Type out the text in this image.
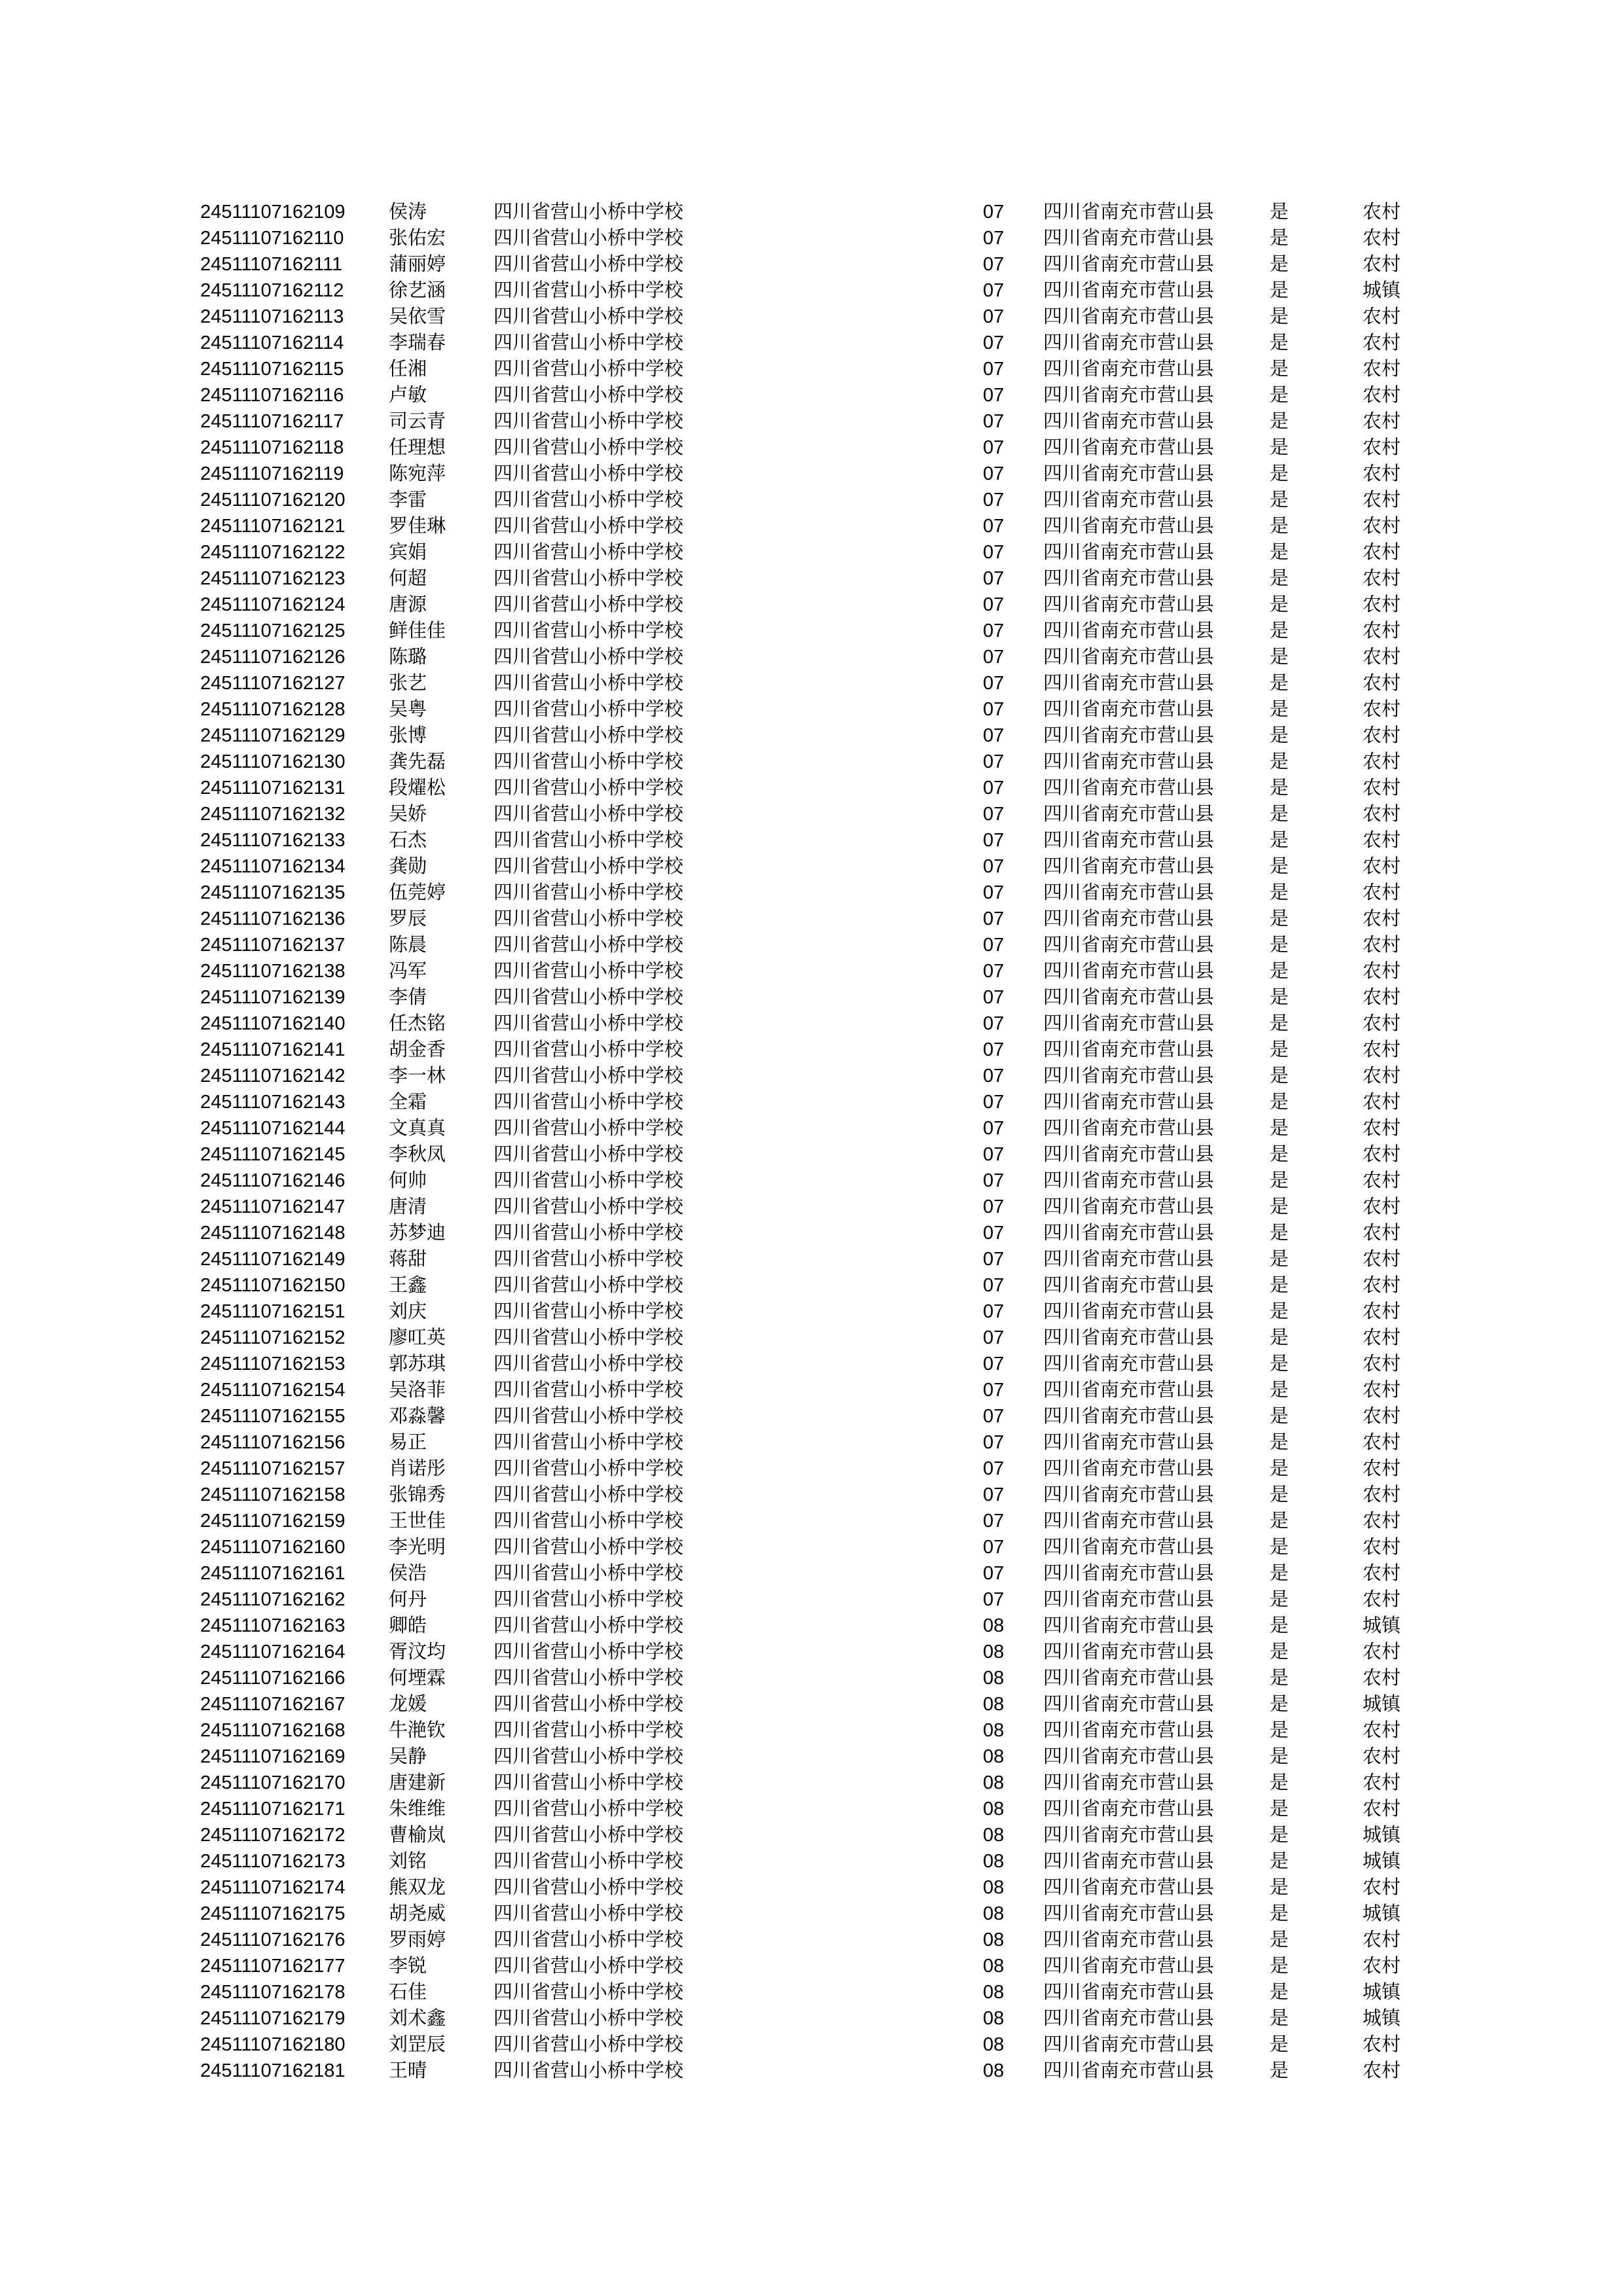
24511107162109 侯涛	四川省营山小桥中学校	07 四川省南充市营山县	是	农村
24511107162110 张佑宏	四川省营山小桥中学校	07 四川省南充市营山县	是	农村
24511107162111 蒲丽婷	四川省营山小桥中学校	07 四川省南充市营山县	是	农村
24511107162112 徐艺涵	四川省营山小桥中学校	07 四川省南充市营山县	是	城镇
24511107162113 吴依雪	四川省营山小桥中学校	07 四川省南充市营山县	是	农村
24511107162114 李瑞春	四川省营山小桥中学校	07 四川省南充市营山县	是	农村
24511107162115 任湘	四川省营山小桥中学校	07 四川省南充市营山县	是	农村
24511107162116 卢敏	四川省营山小桥中学校	07 四川省南充市营山县	是	农村
24511107162117 司云青	四川省营山小桥中学校	07 四川省南充市营山县	是	农村
24511107162118 任理想	四川省营山小桥中学校	07 四川省南充市营山县	是	农村
24511107162119 陈宛萍	四川省营山小桥中学校	07 四川省南充市营山县	是	农村
24511107162120 李雷	四川省营山小桥中学校	07 四川省南充市营山县	是	农村
24511107162121 罗佳琳	四川省营山小桥中学校	07 四川省南充市营山县	是	农村
24511107162122 宾娟	四川省营山小桥中学校	07 四川省南充市营山县	是	农村
24511107162123 何超	四川省营山小桥中学校	07 四川省南充市营山县	是	农村
24511107162124 唐源	四川省营山小桥中学校	07 四川省南充市营山县	是	农村
24511107162125 鲜佳佳	四川省营山小桥中学校	07 四川省南充市营山县	是	农村
24511107162126 陈璐	四川省营山小桥中学校	07 四川省南充市营山县	是	农村
24511107162127 张艺	四川省营山小桥中学校	07 四川省南充市营山县	是	农村
24511107162128 吴粤	四川省营山小桥中学校	07 四川省南充市营山县	是	农村
24511107162129 张博	四川省营山小桥中学校	07 四川省南充市营山县	是	农村
24511107162130 龚先磊	四川省营山小桥中学校	07 四川省南充市营山县	是	农村
24511107162131 段燿松	四川省营山小桥中学校	07 四川省南充市营山县	是	农村
24511107162132 吴娇	四川省营山小桥中学校	07 四川省南充市营山县	是	农村
24511107162133 石杰	四川省营山小桥中学校	07 四川省南充市营山县	是	农村
24511107162134 龚勋	四川省营山小桥中学校	07 四川省南充市营山县	是	农村
24511107162135 伍莞婷	四川省营山小桥中学校	07 四川省南充市营山县	是	农村
24511107162136 罗辰	四川省营山小桥中学校	07 四川省南充市营山县	是	农村
24511107162137 陈晨	四川省营山小桥中学校	07 四川省南充市营山县	是	农村
24511107162138 冯军	四川省营山小桥中学校	07 四川省南充市营山县	是	农村
24511107162139 李倩	四川省营山小桥中学校	07 四川省南充市营山县	是	农村
24511107162140 任杰铭	四川省营山小桥中学校	07 四川省南充市营山县	是	农村
24511107162141 胡金香	四川省营山小桥中学校	07 四川省南充市营山县	是	农村
24511107162142 李一林	四川省营山小桥中学校	07 四川省南充市营山县	是	农村
24511107162143 全霜	四川省营山小桥中学校	07 四川省南充市营山县	是	农村
24511107162144 文真真	四川省营山小桥中学校	07 四川省南充市营山县	是	农村
24511107162145 李秋凤	四川省营山小桥中学校	07 四川省南充市营山县	是	农村
24511107162146 何帅	四川省营山小桥中学校	07 四川省南充市营山县	是	农村
24511107162147 唐清	四川省营山小桥中学校	07 四川省南充市营山县	是	农村
24511107162148 苏梦迪	四川省营山小桥中学校	07 四川省南充市营山县	是	农村
24511107162149 蒋甜	四川省营山小桥中学校	07 四川省南充市营山县	是	农村
24511107162150 王鑫	四川省营山小桥中学校	07 四川省南充市营山县	是	农村
24511107162151 刘庆	四川省营山小桥中学校	07 四川省南充市营山县	是	农村
24511107162152 廖叿英	四川省营山小桥中学校	07 四川省南充市营山县	是	农村
24511107162153 郭苏琪	四川省营山小桥中学校	07 四川省南充市营山县	是	农村
24511107162154 吴洛菲	四川省营山小桥中学校	07 四川省南充市营山县	是	农村
24511107162155 邓淼馨	四川省营山小桥中学校	07 四川省南充市营山县	是	农村
24511107162156 易正	四川省营山小桥中学校	07 四川省南充市营山县	是	农村
24511107162157 肖诺彤	四川省营山小桥中学校	07 四川省南充市营山县	是	农村
24511107162158 张锦秀	四川省营山小桥中学校	07 四川省南充市营山县	是	农村
24511107162159 王世佳	四川省营山小桥中学校	07 四川省南充市营山县	是	农村
24511107162160 李光明	四川省营山小桥中学校	07 四川省南充市营山县	是	农村
24511107162161 侯浩	四川省营山小桥中学校	07 四川省南充市营山县	是	农村
24511107162162 何丹	四川省营山小桥中学校	07 四川省南充市营山县	是	农村
24511107162163 卿皓	四川省营山小桥中学校	08 四川省南充市营山县	是	城镇
24511107162164 胥汶均	四川省营山小桥中学校	08 四川省南充市营山县	是	农村
24511107162166 何堙霖	四川省营山小桥中学校	08 四川省南充市营山县	是	农村
24511107162167 龙媛	四川省营山小桥中学校	08 四川省南充市营山县	是	城镇
24511107162168 牛滟钦	四川省营山小桥中学校	08 四川省南充市营山县	是	农村
24511107162169 吴静	四川省营山小桥中学校	08 四川省南充市营山县	是	农村
24511107162170 唐建新	四川省营山小桥中学校	08 四川省南充市营山县	是	农村
24511107162171 朱维维	四川省营山小桥中学校	08 四川省南充市营山县	是	农村
24511107162172 曹榆岚	四川省营山小桥中学校	08 四川省南充市营山县	是	城镇
24511107162173 刘铭	四川省营山小桥中学校	08 四川省南充市营山县	是	城镇
24511107162174 熊双龙	四川省营山小桥中学校	08 四川省南充市营山县	是	农村
24511107162175 胡尧威	四川省营山小桥中学校	08 四川省南充市营山县	是	城镇
24511107162176 罗雨婷	四川省营山小桥中学校	08 四川省南充市营山县	是	农村
24511107162177 李锐	四川省营山小桥中学校	08 四川省南充市营山县	是	农村
24511107162178 石佳	四川省营山小桥中学校	08 四川省南充市营山县	是	城镇
24511107162179 刘术鑫	四川省营山小桥中学校	08 四川省南充市营山县	是	城镇
24511107162180 刘罡辰	四川省营山小桥中学校	08 四川省南充市营山县	是	农村
24511107162181 王晴	四川省营山小桥中学校	08 四川省南充市营山县	是	农村
